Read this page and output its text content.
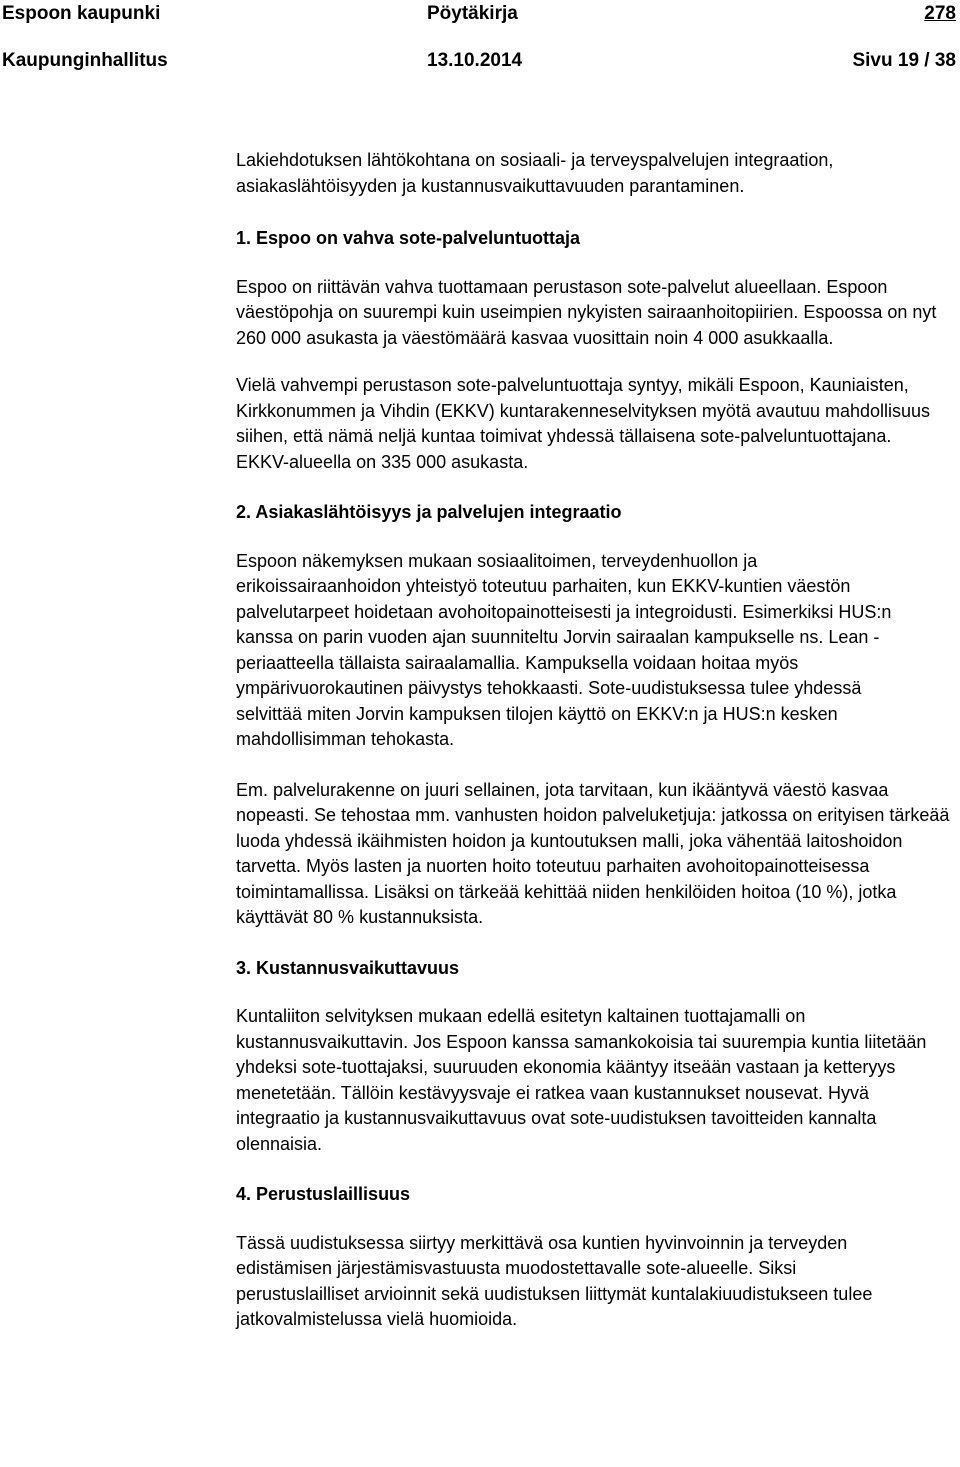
Espoon kaupunki	Pöytäkirja	278
Kaupunginhallitus	13.10.2014	Sivu 19 / 38

Lakiehdotuksen lähtökohtana on sosiaali- ja terveyspalvelujen integraation, asiakaslähtöisyyden ja kustannusvaikuttavuuden parantaminen.

1. Espoo on vahva sote-palveluntuottaja

Espoo on riittävän vahva tuottamaan perustason sote-palvelut alueellaan. Espoon väestöpohja on suurempi kuin useimpien nykyisten sairaanhoitopiirien. Espoossa on nyt 260 000 asukasta ja väestömäärä kasvaa vuosittain noin 4 000 asukkaalla.

Vielä vahvempi perustason sote-palveluntuottaja syntyy, mikäli Espoon, Kauniaisten, Kirkkonummen ja Vihdin (EKKV) kuntarakenneselvityksen myötä avautuu mahdollisuus siihen, että nämä neljä kuntaa toimivat yhdessä tällaisena sote-palveluntuottajana. EKKV-alueella on 335 000 asukasta.

2. Asiakaslähtöisyys ja palvelujen integraatio

Espoon näkemyksen mukaan sosiaalitoimen, terveydenhuollon ja erikoissairaanhoidon yhteistyö toteutuu parhaiten, kun EKKV-kuntien väestön palvelutarpeet hoidetaan avohoitopainotteisesti ja integroidusti. Esimerkiksi HUS:n kanssa on parin vuoden ajan suunniteltu Jorvin sairaalan kampukselle ns. Lean - periaatteella tällaista sairaalamallia. Kampuksella voidaan hoitaa myös ympärivuorokautinen päivystys tehokkaasti. Sote-uudistuksessa tulee yhdessä selvittää miten Jorvin kampuksen tilojen käyttö on EKKV:n ja HUS:n kesken mahdollisimman tehokasta.

Em. palvelurakenne on juuri sellainen, jota tarvitaan, kun ikääntyvä väestö kasvaa nopeasti. Se tehostaa mm. vanhusten hoidon palveluketjuja: jatkossa on erityisen tärkeää luoda yhdessä ikäihmisten hoidon ja kuntoutuksen malli, joka vähentää laitoshoidon tarvetta. Myös lasten ja nuorten hoito toteutuu parhaiten avohoitopainotteisessa toimintamallissa. Lisäksi on tärkeää kehittää niiden henkilöiden hoitoa (10 %), jotka käyttävät 80 % kustannuksista.

3. Kustannusvaikuttavuus

Kuntaliiton selvityksen mukaan edellä esitetyn kaltainen tuottajamalli on kustannusvaikuttavin. Jos Espoon kanssa samankokoisia tai suurempia kuntia liitetään yhdeksi sote-tuottajaksi, suuruuden ekonomia kääntyy itseään vastaan ja ketteryys menetetään. Tällöin kestävyysvaje ei ratkea vaan kustannukset nousevat. Hyvä integraatio ja kustannusvaikuttavuus ovat sote-uudistuksen tavoitteiden kannalta olennaisia.

4. Perustuslaillisuus

Tässä uudistuksessa siirtyy merkittävä osa kuntien hyvinvoinnin ja terveyden edistämisen järjestämisvastuusta muodostettavalle sote-alueelle. Siksi perustuslailliset arvioinnit sekä uudistuksen liittymät kuntalakiuudistukseen tulee jatkovalmistelussa vielä huomioida.
